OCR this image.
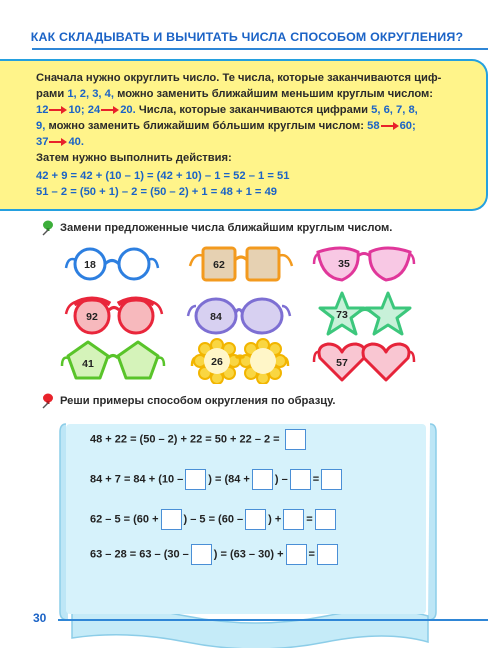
КАК СКЛАДЫВАТЬ И ВЫЧИТАТЬ ЧИСЛА СПОСОБОМ ОКРУГЛЕНИЯ?
Сначала нужно округлить число. Те числа, которые заканчиваются циф-
рами 1, 2, 3, 4, можно заменить ближайшим меньшим круглым числом:
12 10; 24 20. Числа, которые заканчиваются цифрами 5, 6, 7, 8,
9, можно заменить ближайшим бóльшим круглым числом: 58 60;
37 40.
Затем нужно выполнить действия:
42 + 9 = 42 + (10 – 1) = (42 + 10) – 1 = 52 – 1 = 51
51 – 2 = (50 + 1) – 2 = (50 – 2) + 1 = 48 + 1 = 49
Замени предложенные числа ближайшим круглым числом.
18	62	35
92	84	73
41	26	57
Реши примеры способом округления по образцу.
48 + 22 = (50 – 2) + 22 = 50 + 22 – 2 =
84 + 7 = 84 + (10 – ) = (84 + ) – =
62 – 5 = (60 + ) – 5 = (60 – ) + =
63 – 28 = 63 – (30 – ) = (63 – 30) + =
30
